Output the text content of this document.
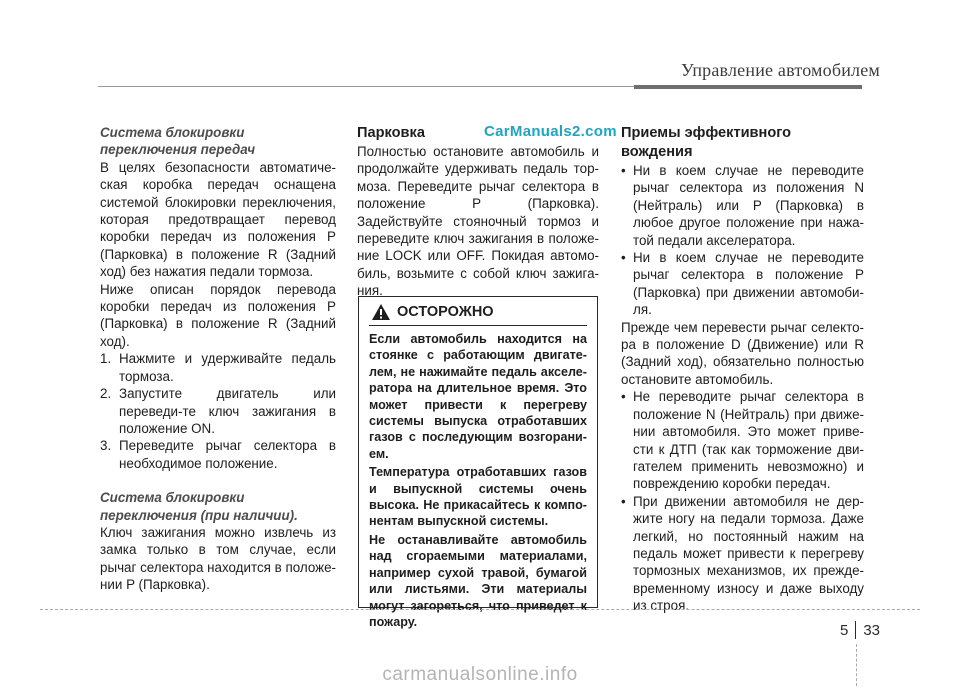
Управление автомобилем
CarManuals2.com
Система блокировки переключения передач
В целях безопасности автоматиче-ская коробка передач оснащена системой блокировки переключения, которая предотвращает перевод коробки передач из положения P (Парковка) в положение R (Задний ход) без нажатия педали тормоза.
Ниже описан порядок перевода коробки передач из положения P (Парковка) в положение R (Задний ход).
1. Нажмите и удерживайте педаль тормоза.
2. Запустите двигатель или переведи-те ключ зажигания в положение ON.
3. Переведите рычаг селектора в необходимое положение.
Система блокировки переключения (при наличии).
Ключ зажигания можно извлечь из замка только в том случае, если рычаг селектора находится в положе-нии P (Парковка).
Парковка
Полностью остановите автомобиль и продолжайте удерживать педаль тор-моза. Переведите рычаг селектора в положение P (Парковка). Задействуйте стояночный тормоз и переведите ключ зажигания в положе-ние LOCK или OFF. Покидая автомо-биль, возьмите с собой ключ зажига-ния.
ОСТОРОЖНО
Если автомобиль находится на стоянке с работающим двигате-лем, не нажимайте педаль акселе-ратора на длительное время. Это может привести к перегреву системы выпуска отработавших газов с последующим возгорани-ем.
Температура отработавших газов и выпускной системы очень высока. Не прикасайтесь к компо-нентам выпускной системы.
Не останавливайте автомобиль над сгораемыми материалами, например сухой травой, бумагой или листьями. Эти материалы могут загореться, что приведет к пожару.
Приемы эффективного вождения
• Ни в коем случае не переводите рычаг селектора из положения N (Нейтраль) или P (Парковка) в любое другое положение при нажа-той педали акселератора.
• Ни в коем случае не переводите рычаг селектора в положение P (Парковка) при движении автомоби-ля.
Прежде чем перевести рычаг селекто-ра в положение D (Движение) или R (Задний ход), обязательно полностью остановите автомобиль.
• Не переводите рычаг селектора в положение N (Нейтраль) при движе-нии автомобиля. Это может приве-сти к ДТП (так как торможение дви-гателем применить невозможно) и повреждению коробки передач.
• При движении автомобиля не дер-жите ногу на педали тормоза. Даже легкий, но постоянный нажим на педаль может привести к перегреву тормозных механизмов, их прежде-временному износу и даже выходу из строя.
5 33
carmanualsonline.info
